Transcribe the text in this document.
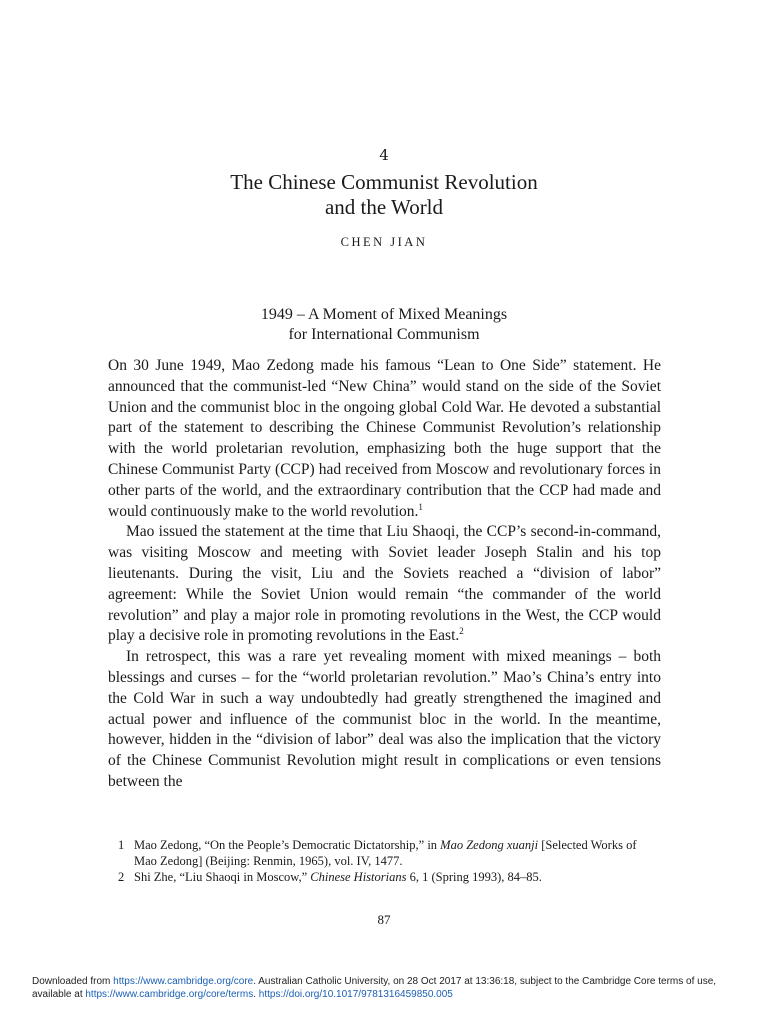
4
The Chinese Communist Revolution
and the World
CHEN JIAN
1949 – A Moment of Mixed Meanings
for International Communism

On 30 June 1949, Mao Zedong made his famous “Lean to One Side” statement. He announced that the communist-led “New China” would stand on the side of the Soviet Union and the communist bloc in the ongoing global Cold War. He devoted a substantial part of the statement to describing the Chinese Communist Revolution’s relationship with the world proletarian revolution, emphasizing both the huge support that the Chinese Communist Party (CCP) had received from Moscow and revolutionary forces in other parts of the world, and the extraordinary contribution that the CCP had made and would continuously make to the world revolution.$^1$

Mao issued the statement at the time that Liu Shaoqi, the CCP’s second-in-command, was visiting Moscow and meeting with Soviet leader Joseph Stalin and his top lieutenants. During the visit, Liu and the Soviets reached a “division of labor” agreement: While the Soviet Union would remain “the commander of the world revolution” and play a major role in promoting revolutions in the West, the CCP would play a decisive role in promoting revolutions in the East.$^2$

In retrospect, this was a rare yet revealing moment with mixed meanings – both blessings and curses – for the “world proletarian revolution.” Mao’s China’s entry into the Cold War in such a way undoubtedly had greatly strengthened the imagined and actual power and influence of the communist bloc in the world. In the meantime, however, hidden in the “division of labor” deal was also the implication that the victory of the Chinese Communist Revolution might result in complications or even tensions between the

1 Mao Zedong, “On the People’s Democratic Dictatorship,” in Mao Zedong xuanji [Selected Works of Mao Zedong] (Beijing: Renmin, 1965), vol. IV, 1477.

2 Shi Zhe, “Liu Shaoqi in Moscow,” Chinese Historians 6, 1 (Spring 1993), 84–85.

87
Downloaded from https://www.cambridge.org/core. Australian Catholic University, on 28 Oct 2017 at 13:36:18, subject to the Cambridge Core terms of use, available at https://www.cambridge.org/core/terms. https://doi.org/10.1017/9781316459850.005
